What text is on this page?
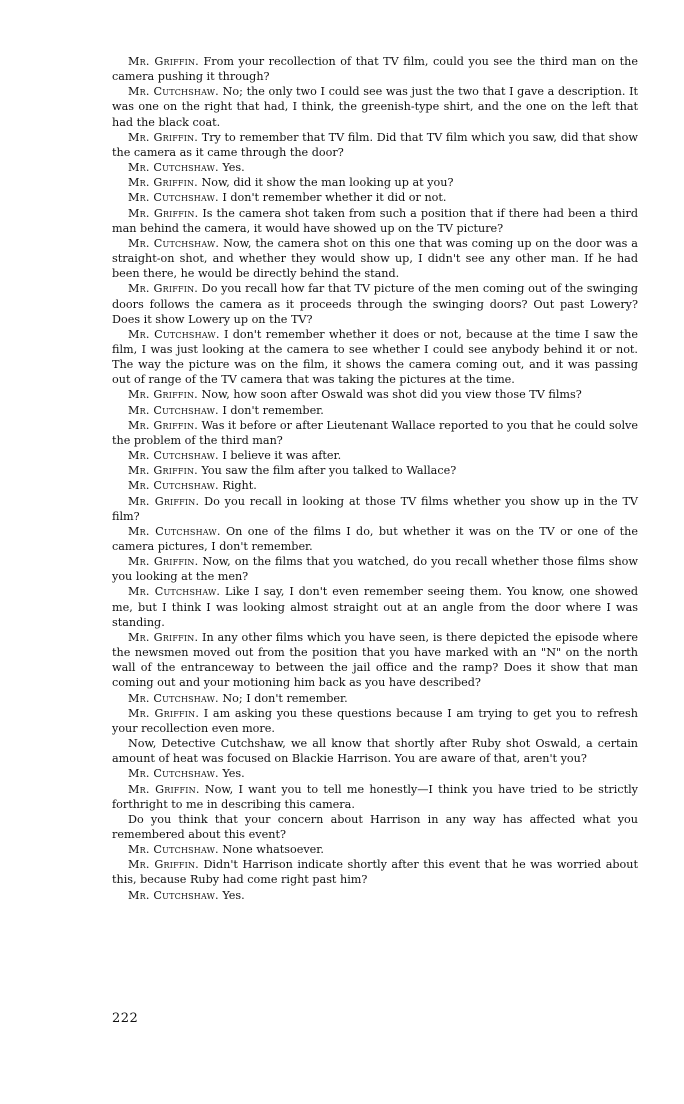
Mr. Griffin. From your recollection of that TV film, could you see the third man on the camera pushing it through?

Mr. Cutchshaw. No; the only two I could see was just the two that I gave a description. It was one on the right that had, I think, the greenish-type shirt, and the one on the left that had the black coat.

Mr. Griffin. Try to remember that TV film. Did that TV film which you saw, did that show the camera as it came through the door?

Mr. Cutchshaw. Yes.

Mr. Griffin. Now, did it show the man looking up at you?

Mr. Cutchshaw. I don't remember whether it did or not.

Mr. Griffin. Is the camera shot taken from such a position that if there had been a third man behind the camera, it would have showed up on the TV picture?

Mr. Cutchshaw. Now, the camera shot on this one that was coming up on the door was a straight-on shot, and whether they would show up, I didn't see any other man. If he had been there, he would be directly behind the stand.

Mr. Griffin. Do you recall how far that TV picture of the men coming out of the swinging doors follows the camera as it proceeds through the swinging doors? Out past Lowery? Does it show Lowery up on the TV?

Mr. Cutchshaw. I don't remember whether it does or not, because at the time I saw the film, I was just looking at the camera to see whether I could see anybody behind it or not. The way the picture was on the film, it shows the camera coming out, and it was passing out of range of the TV camera that was taking the pictures at the time.

Mr. Griffin. Now, how soon after Oswald was shot did you view those TV films?

Mr. Cutchshaw. I don't remember.

Mr. Griffin. Was it before or after Lieutenant Wallace reported to you that he could solve the problem of the third man?

Mr. Cutchshaw. I believe it was after.

Mr. Griffin. You saw the film after you talked to Wallace?

Mr. Cutchshaw. Right.

Mr. Griffin. Do you recall in looking at those TV films whether you show up in the TV film?

Mr. Cutchshaw. On one of the films I do, but whether it was on the TV or one of the camera pictures, I don't remember.

Mr. Griffin. Now, on the films that you watched, do you recall whether those films show you looking at the men?

Mr. Cutchshaw. Like I say, I don't even remember seeing them. You know, one showed me, but I think I was looking almost straight out at an angle from the door where I was standing.

Mr. Griffin. In any other films which you have seen, is there depicted the episode where the newsmen moved out from the position that you have marked with an "N" on the north wall of the entranceway to between the jail office and the ramp? Does it show that man coming out and your motioning him back as you have described?

Mr. Cutchshaw. No; I don't remember.

Mr. Griffin. I am asking you these questions because I am trying to get you to refresh your recollection even more.

Now, Detective Cutchshaw, we all know that shortly after Ruby shot Oswald, a certain amount of heat was focused on Blackie Harrison. You are aware of that, aren't you?

Mr. Cutchshaw. Yes.

Mr. Griffin. Now, I want you to tell me honestly—I think you have tried to be strictly forthright to me in describing this camera.

Do you think that your concern about Harrison in any way has affected what you remembered about this event?

Mr. Cutchshaw. None whatsoever.

Mr. Griffin. Didn't Harrison indicate shortly after this event that he was worried about this, because Ruby had come right past him?

Mr. Cutchshaw. Yes.

222
